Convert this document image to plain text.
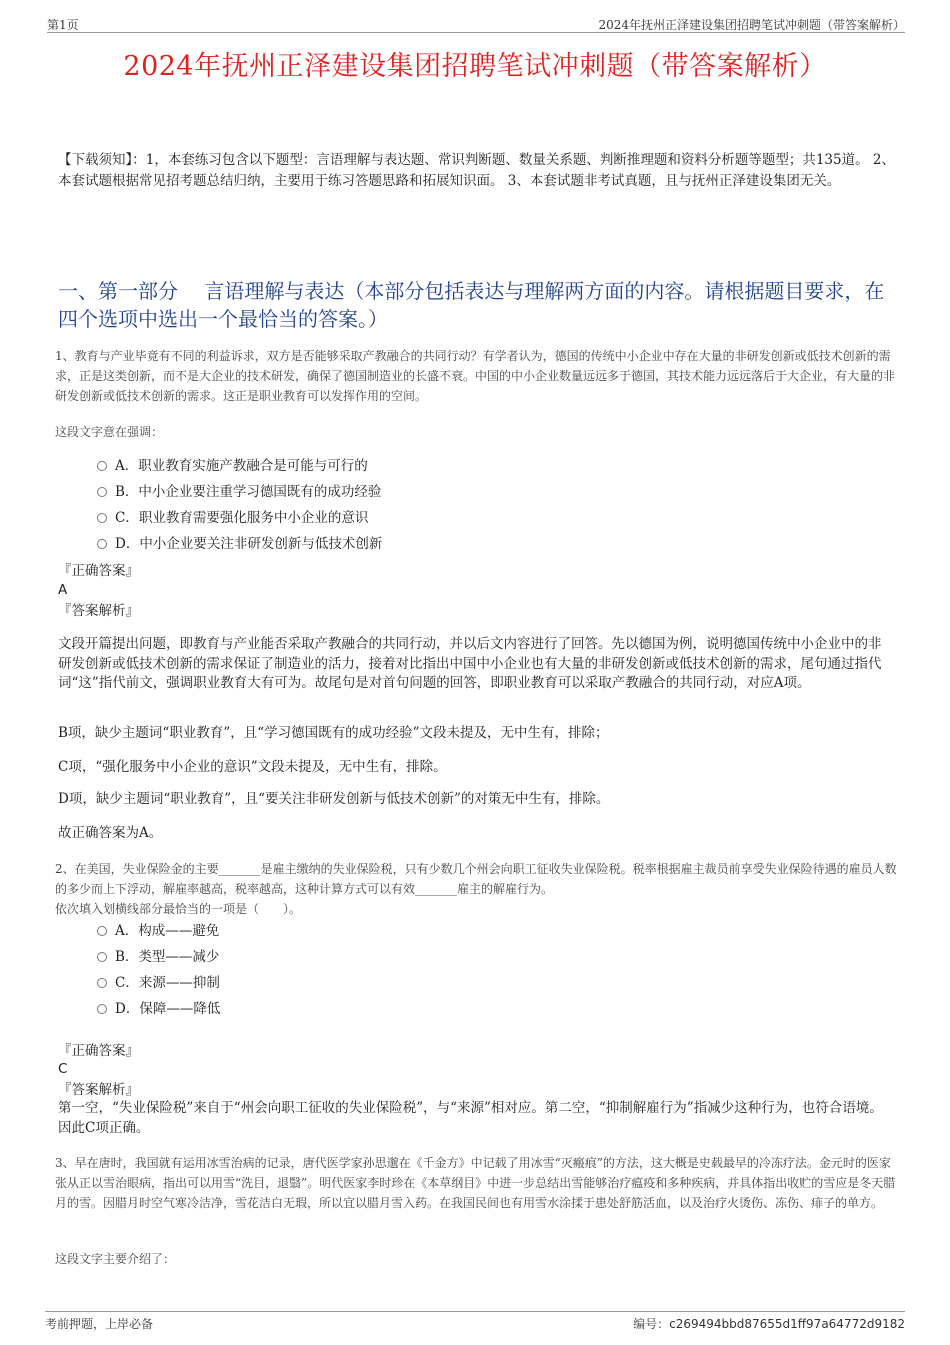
第1页	2024年抚州正泽建设集团招聘笔试冲刺题（带答案解析）
2024年抚州正泽建设集团招聘笔试冲刺题（带答案解析）
【下载须知】：1，本套练习包含以下题型：言语理解与表达题、常识判断题、数量关系题、判断推理题和资料分析题等题型；共135道。 2、本套试题根据常见招考题总结归纳，主要用于练习答题思路和拓展知识面。 3、本套试题非考试真题，且与抚州正泽建设集团无关。
一、第一部分　 言语理解与表达（本部分包括表达与理解两方面的内容。请根据题目要求，在四个选项中选出一个最恰当的答案。）
1、教育与产业毕竟有不同的利益诉求，双方是否能够采取产教融合的共同行动？有学者认为，德国的传统中小企业中存在大量的非研发创新或低技术创新的需求，正是这类创新，而不是大企业的技术研发，确保了德国制造业的长盛不衰。中国的中小企业数量远远多于德国，其技术能力远远落后于大企业，有大量的非研发创新或低技术创新的需求。这正是职业教育可以发挥作用的空间。
这段文字意在强调：
A．职业教育实施产教融合是可能与可行的
B．中小企业要注重学习德国既有的成功经验
C．职业教育需要强化服务中小企业的意识
D．中小企业要关注非研发创新与低技术创新
『正确答案』
A
『答案解析』
文段开篇提出问题，即教育与产业能否采取产教融合的共同行动，并以后文内容进行了回答。先以德国为例，说明德国传统中小企业中的非研发创新或低技术创新的需求保证了制造业的活力，接着对比指出中国中小企业也有大量的非研发创新或低技术创新的需求，尾句通过指代词“这”指代前文，强调职业教育大有可为。故尾句是对首句问题的回答，即职业教育可以采取产教融合的共同行动，对应A项。
B项，缺少主题词“职业教育”，且“学习德国既有的成功经验”文段未提及，无中生有，排除；
C项，“强化服务中小企业的意识”文段未提及，无中生有，排除。
D项，缺少主题词“职业教育”，且“要关注非研发创新与低技术创新”的对策无中生有，排除。
故正确答案为A。
2、在美国，失业保险金的主要_______是雇主缴纳的失业保险税，只有少数几个州会向职工征收失业保险税。税率根据雇主裁员前享受失业保险待遇的雇员人数的多少而上下浮动，解雇率越高，税率越高，这种计算方式可以有效_______雇主的解雇行为。
依次填入划横线部分最恰当的一项是（　　）。
A．构成——避免
B．类型——减少
C．来源——抑制
D．保障——降低
『正确答案』
C
『答案解析』
第一空，“失业保险税”来自于“州会向职工征收的失业保险税”，与“来源”相对应。第二空，“抑制解雇行为”指减少这种行为，也符合语境。因此C项正确。
3、早在唐时，我国就有运用冰雪治病的记录，唐代医学家孙思邈在《千金方》中记载了用冰雪“灭瘢痕”的方法，这大概是史载最早的冷冻疗法。金元时的医家张从正以雪治眼病，指出可以用雪“洗目，退翳”。明代医家李时珍在《本草纲目》中进一步总结出雪能够治疗瘟疫和多种疾病，并具体指出收贮的雪应是冬天腊月的雪。因腊月时空气寒冷洁净，雪花洁白无瑕，所以宜以腊月雪入药。在我国民间也有用雪水涂揉于患处舒筋活血，以及治疗火烫伤、冻伤、痱子的单方。
这段文字主要介绍了：
考前押题，上岸必备	编号：c269494bbd87655d1ff97a64772d9182
